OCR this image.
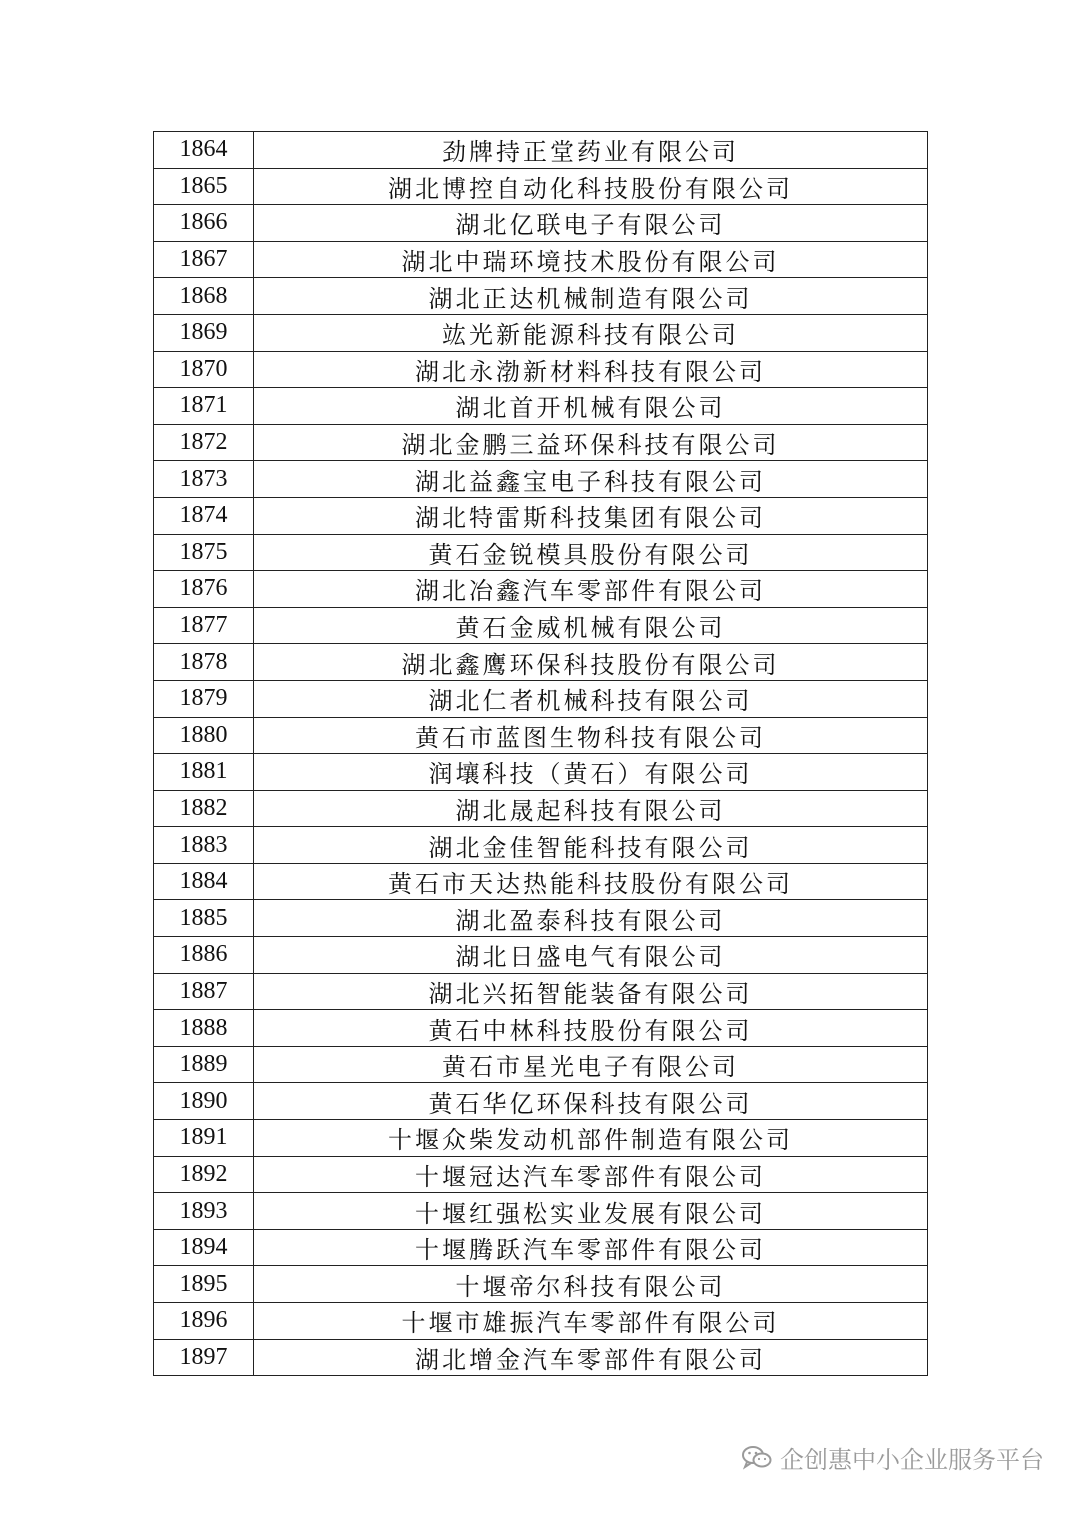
1864	劲牌持正堂药业有限公司
1865	湖北博控自动化科技股份有限公司
1866	湖北亿联电子有限公司
1867	湖北中瑞环境技术股份有限公司
1868	湖北正达机械制造有限公司
1869	竑光新能源科技有限公司
1870	湖北永渤新材料科技有限公司
1871	湖北首开机械有限公司
1872	湖北金鹏三益环保科技有限公司
1873	湖北益鑫宝电子科技有限公司
1874	湖北特雷斯科技集团有限公司
1875	黄石金锐模具股份有限公司
1876	湖北冶鑫汽车零部件有限公司
1877	黄石金威机械有限公司
1878	湖北鑫鹰环保科技股份有限公司
1879	湖北仁者机械科技有限公司
1880	黄石市蓝图生物科技有限公司
1881	润壤科技（黄石）有限公司
1882	湖北晟起科技有限公司
1883	湖北金佳智能科技有限公司
1884	黄石市天达热能科技股份有限公司
1885	湖北盈泰科技有限公司
1886	湖北日盛电气有限公司
1887	湖北兴拓智能装备有限公司
1888	黄石中林科技股份有限公司
1889	黄石市星光电子有限公司
1890	黄石华亿环保科技有限公司
1891	十堰众柴发动机部件制造有限公司
1892	十堰冠达汽车零部件有限公司
1893	十堰红强松实业发展有限公司
1894	十堰腾跃汽车零部件有限公司
1895	十堰帝尔科技有限公司
1896	十堰市雄振汽车零部件有限公司
1897	湖北增金汽车零部件有限公司
企创惠中小企业服务平台
